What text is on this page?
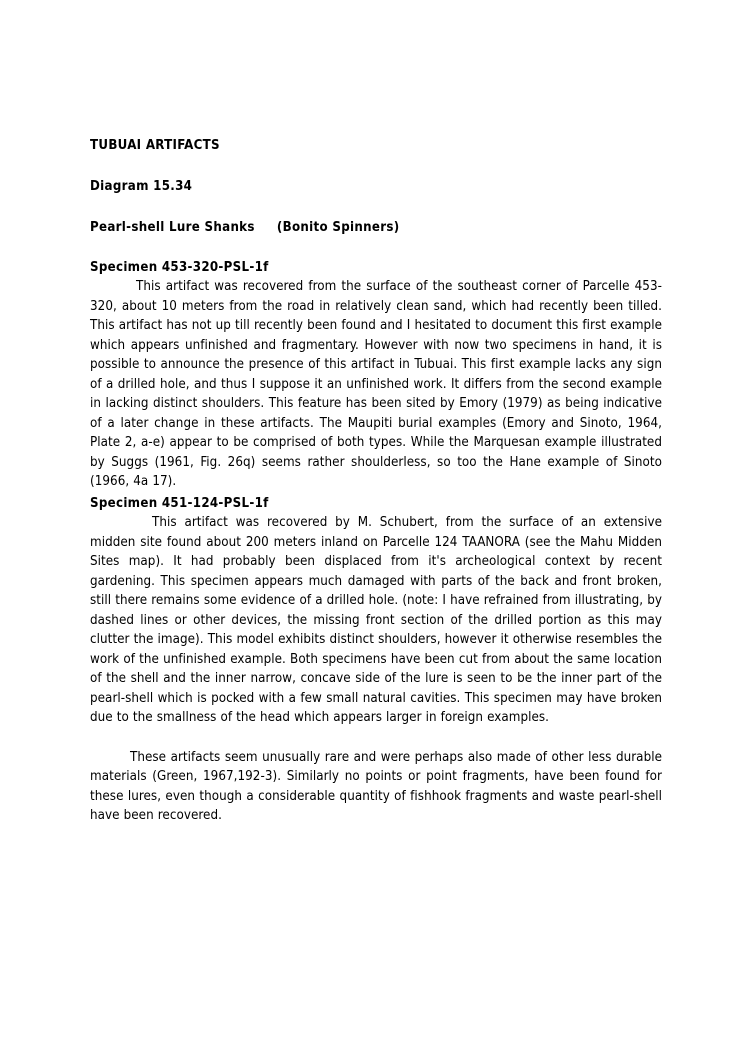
TUBUAI ARTIFACTS

Diagram 15.34

Pearl-shell Lure Shanks     (Bonito Spinners)

Specimen 453-320-PSL-1f

This artifact was recovered from the surface of the southeast corner of Parcelle 453-320, about 10 meters from the road in relatively clean sand, which had recently been tilled. This artifact has not up till recently been found and I hesitated to document this first example which appears unfinished and fragmentary. However with now two specimens in hand, it is possible to announce the presence of this artifact in Tubuai. This first example lacks any sign of a drilled hole, and thus I suppose it an unfinished work. It differs from the second example in lacking distinct shoulders. This feature has been sited by Emory (1979) as being indicative of a later change in these artifacts. The Maupiti burial examples (Emory and Sinoto, 1964, Plate 2, a-e) appear to be comprised of both types. While the Marquesan example illustrated by Suggs (1961, Fig. 26q) seems rather shoulderless, so too the Hane example of Sinoto (1966, 4a 17).

Specimen 451-124-PSL-1f

This artifact was recovered by M. Schubert, from the surface of an extensive midden site found about 200 meters inland on Parcelle 124 TAANORA (see the Mahu Midden Sites map). It had probably been displaced from it's archeological context by recent gardening. This specimen appears much damaged with parts of the back and front broken, still there remains some evidence of a drilled hole. (note: I have refrained from illustrating, by dashed lines or other devices, the missing front section of the drilled portion as this may clutter the image). This model exhibits distinct shoulders, however it otherwise resembles the work of the unfinished example. Both specimens have been cut from about the same location of the shell and the inner narrow, concave side of the lure is seen to be the inner part of the pearl-shell which is pocked with a few small natural cavities. This specimen may have broken due to the smallness of the head which appears larger in foreign examples.

These artifacts seem unusually rare and were perhaps also made of other less durable materials (Green, 1967,192-3). Similarly no points or point fragments, have been found for these lures, even though a considerable quantity of fishhook fragments and waste pearl-shell have been recovered.
